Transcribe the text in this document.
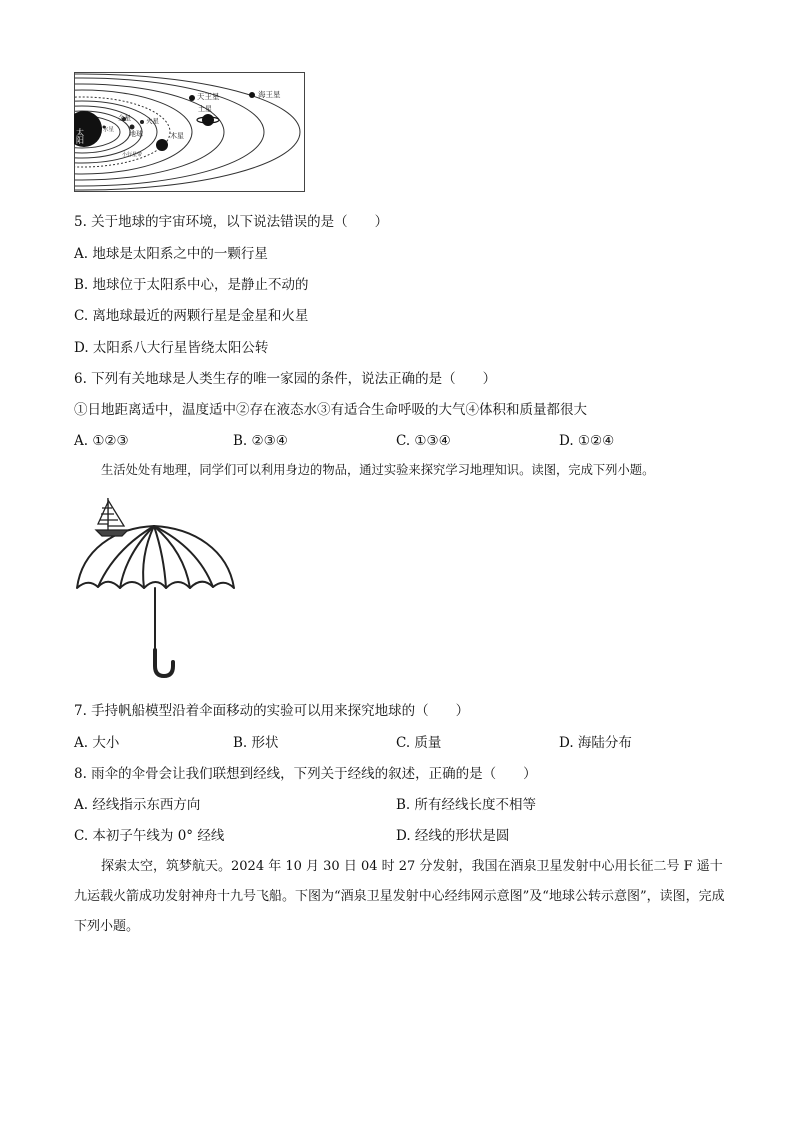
太阳
海王星
天王星
土星
金星 火星
水星 地球	木星
小行星带
5. 关于地球的宇宙环境，以下说法错误的是（　　）
A. 地球是太阳系之中的一颗行星
B. 地球位于太阳系中心，是静止不动的
C. 离地球最近的两颗行星是金星和火星
D. 太阳系八大行星皆绕太阳公转
6. 下列有关地球是人类生存的唯一家园的条件，说法正确的是（　　）
①日地距离适中，温度适中②存在液态水③有适合生命呼吸的大气④体积和质量都很大
A. ①②③	B. ②③④	C. ①③④	D. ①②④
生活处处有地理，同学们可以利用身边的物品，通过实验来探究学习地理知识。读图，完成下列小题。
7. 手持帆船模型沿着伞面移动的实验可以用来探究地球的（　　）
A. 大小	B. 形状	C. 质量	D. 海陆分布
8. 雨伞的伞骨会让我们联想到经线，下列关于经线的叙述，正确的是（　　）
A. 经线指示东西方向	B. 所有经线长度不相等
C. 本初子午线为 0° 经线	D. 经线的形状是圆
探索太空，筑梦航天。2024 年 10 月 30 日 04 时 27 分发射，我国在酒泉卫星发射中心用长征二号 F 遥十九运载火箭成功发射神舟十九号飞船。下图为“酒泉卫星发射中心经纬网示意图”及“地球公转示意图”，读图，完成下列小题。
